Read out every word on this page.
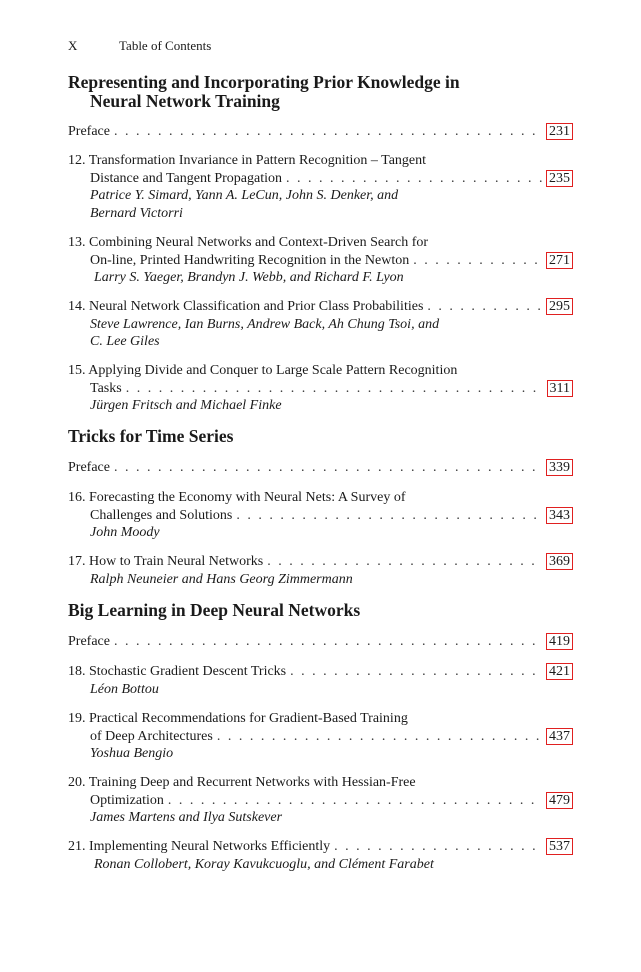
X	Table of Contents
Representing and Incorporating Prior Knowledge in
Neural Network Training
Preface . . .	231
12. Transformation Invariance in Pattern Recognition – Tangent
Distance and Tangent Propagation . . .	235
Patrice Y. Simard, Yann A. LeCun, John S. Denker, and
Bernard Victorri
13. Combining Neural Networks and Context-Driven Search for
On-line, Printed Handwriting Recognition in the Newton . . .	271
Larry S. Yaeger, Brandyn J. Webb, and Richard F. Lyon
14. Neural Network Classification and Prior Class Probabilities . . .	295
Steve Lawrence, Ian Burns, Andrew Back, Ah Chung Tsoi, and
C. Lee Giles
15. Applying Divide and Conquer to Large Scale Pattern Recognition
Tasks . . .	311
Jürgen Fritsch and Michael Finke
Tricks for Time Series
Preface . . .	339
16. Forecasting the Economy with Neural Nets: A Survey of
Challenges and Solutions . . .	343
John Moody
17. How to Train Neural Networks . . .	369
Ralph Neuneier and Hans Georg Zimmermann
Big Learning in Deep Neural Networks
Preface . . .	419
18. Stochastic Gradient Descent Tricks . . .	421
Léon Bottou
19. Practical Recommendations for Gradient-Based Training
of Deep Architectures . . .	437
Yoshua Bengio
20. Training Deep and Recurrent Networks with Hessian-Free
Optimization . . .	479
James Martens and Ilya Sutskever
21. Implementing Neural Networks Efficiently . . .	537
Ronan Collobert, Koray Kavukcuoglu, and Clément Farabet
